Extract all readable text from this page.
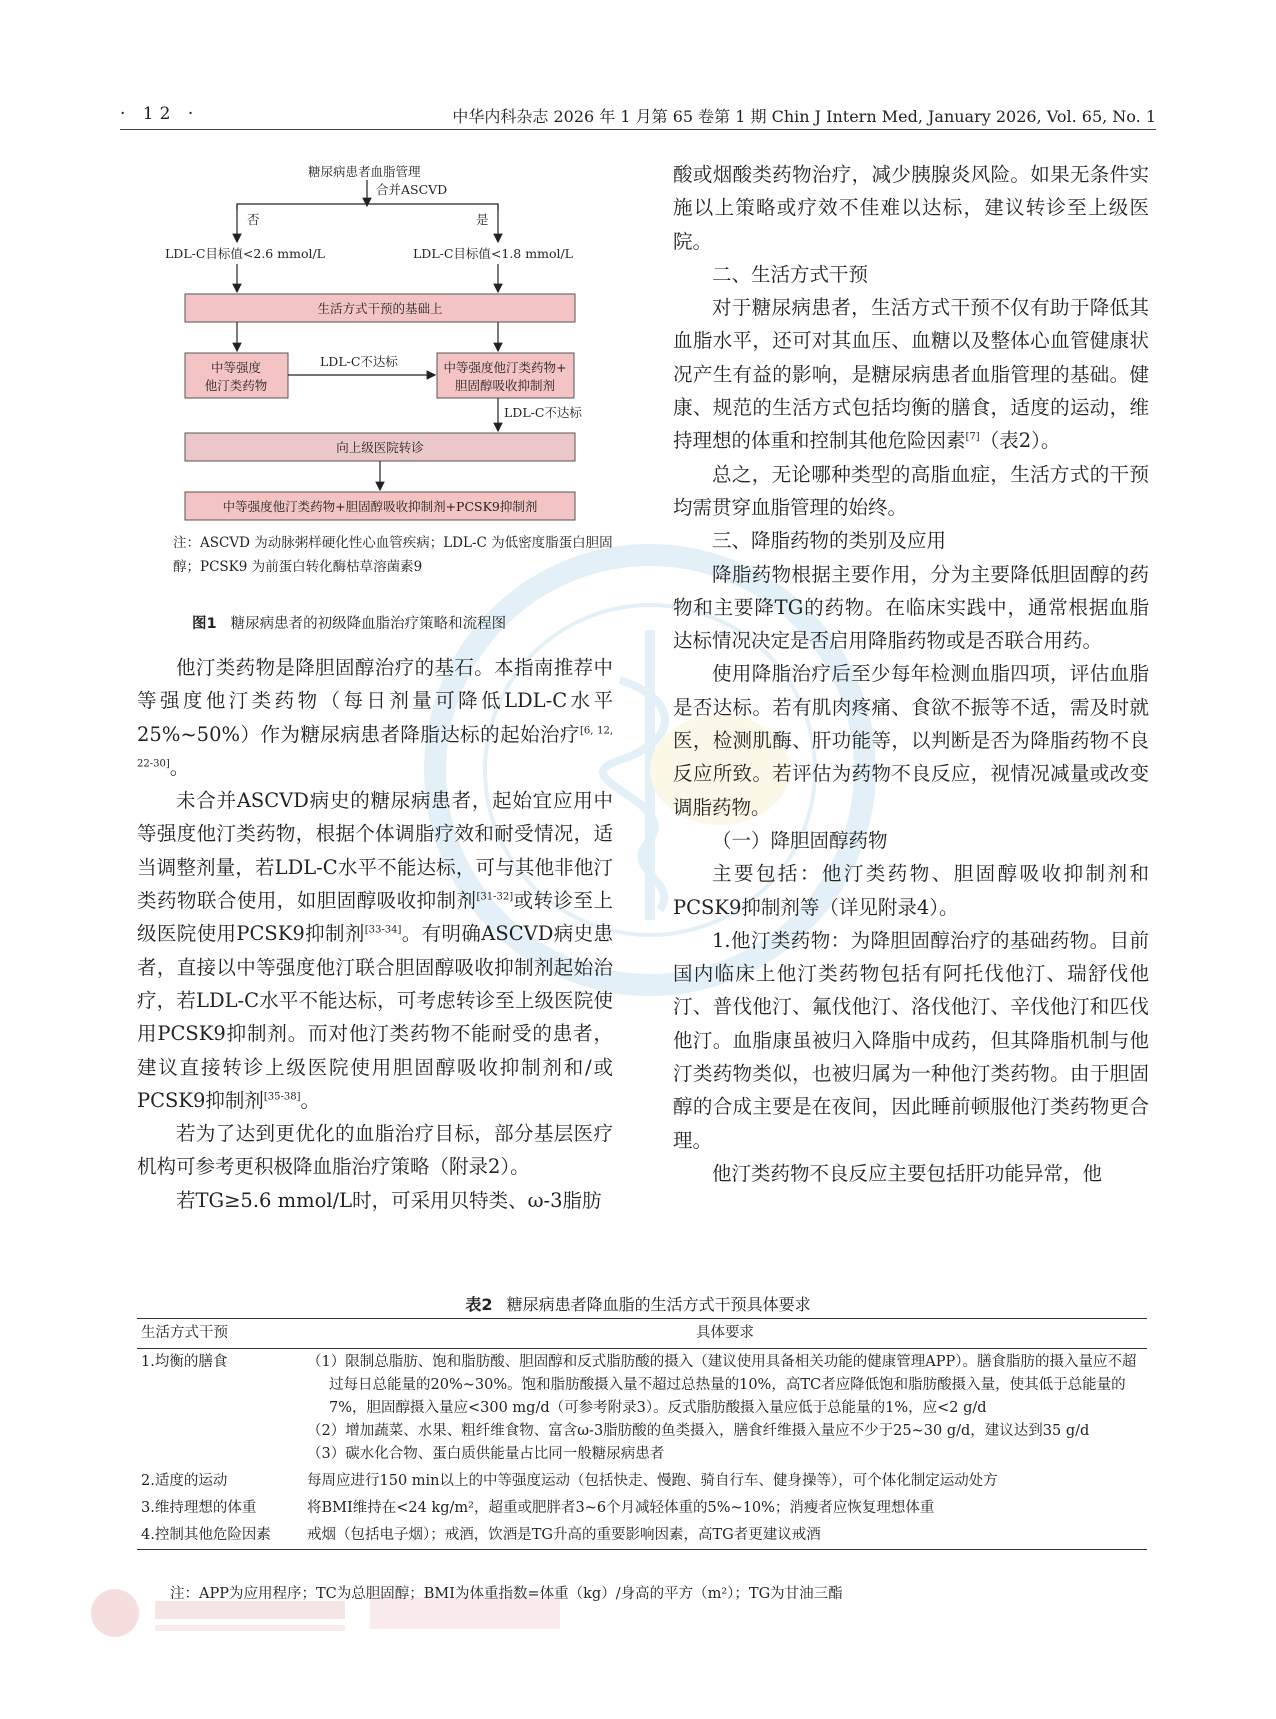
· 12 ·	中华内科杂志 2026 年 1 月第 65 卷第 1 期 Chin J Intern Med, January 2026, Vol. 65, No. 1
糖尿病患者血脂管理
合并ASCVD
否	是
LDL-C目标值<2.6 mmol/L	LDL-C目标值<1.8 mmol/L
生活方式干预的基础上
中等强度
他汀类药物
LDL-C不达标	中等强度他汀类药物+
胆固醇吸收抑制剂
LDL-C不达标
向上级医院转诊
中等强度他汀类药物+胆固醇吸收抑制剂+PCSK9抑制剂
注：ASCVD 为动脉粥样硬化性心血管疾病；LDL-C 为低密度脂蛋白胆固醇；PCSK9 为前蛋白转化酶枯草溶菌素9
图1 糖尿病患者的初级降血脂治疗策略和流程图

他汀类药物是降胆固醇治疗的基石。本指南推荐中等强度他汀类药物（每日剂量可降低LDL-C水平25%~50%）作为糖尿病患者降脂达标的起始治疗[6, 12, 22-30]。

未合并ASCVD病史的糖尿病患者，起始宜应用中等强度他汀类药物，根据个体调脂疗效和耐受情况，适当调整剂量，若LDL-C水平不能达标，可与其他非他汀类药物联合使用，如胆固醇吸收抑制剂[31-32]或转诊至上级医院使用PCSK9抑制剂[33-34]。有明确ASCVD病史患者，直接以中等强度他汀联合胆固醇吸收抑制剂起始治疗，若LDL-C水平不能达标，可考虑转诊至上级医院使用PCSK9抑制剂。而对他汀类药物不能耐受的患者，建议直接转诊上级医院使用胆固醇吸收抑制剂和/或PCSK9抑制剂[35-38]。

若为了达到更优化的血脂治疗目标，部分基层医疗机构可参考更积极降血脂治疗策略（附录2）。

若TG≥5.6 mmol/L时，可采用贝特类、ω-3脂肪

酸或烟酸类药物治疗，减少胰腺炎风险。如果无条件实施以上策略或疗效不佳难以达标，建议转诊至上级医院。

二、生活方式干预

对于糖尿病患者，生活方式干预不仅有助于降低其血脂水平，还可对其血压、血糖以及整体心血管健康状况产生有益的影响，是糖尿病患者血脂管理的基础。健康、规范的生活方式包括均衡的膳食，适度的运动，维持理想的体重和控制其他危险因素[7]（表2）。

总之，无论哪种类型的高脂血症，生活方式的干预均需贯穿血脂管理的始终。

三、降脂药物的类别及应用

降脂药物根据主要作用，分为主要降低胆固醇的药物和主要降TG的药物。在临床实践中，通常根据血脂达标情况决定是否启用降脂药物或是否联合用药。

使用降脂治疗后至少每年检测血脂四项，评估血脂是否达标。若有肌肉疼痛、食欲不振等不适，需及时就医，检测肌酶、肝功能等，以判断是否为降脂药物不良反应所致。若评估为药物不良反应，视情况减量或改变调脂药物。

（一）降胆固醇药物

主要包括：他汀类药物、胆固醇吸收抑制剂和PCSK9抑制剂等（详见附录4）。

1.他汀类药物：为降胆固醇治疗的基础药物。目前国内临床上他汀类药物包括有阿托伐他汀、瑞舒伐他汀、普伐他汀、氟伐他汀、洛伐他汀、辛伐他汀和匹伐他汀。血脂康虽被归入降脂中成药，但其降脂机制与他汀类药物类似，也被归属为一种他汀类药物。由于胆固醇的合成主要是在夜间，因此睡前顿服他汀类药物更合理。

他汀类药物不良反应主要包括肝功能异常，他

表2 糖尿病患者降血脂的生活方式干预具体要求
生活方式干预	具体要求
1.均衡的膳食	（1）限制总脂肪、饱和脂肪酸、胆固醇和反式脂肪酸的摄入（建议使用具备相关功能的健康管理APP）。膳食脂肪的摄入量应不超过每日总能量的20%~30%。饱和脂肪酸摄入量不超过总热量的10%，高TC者应降低饱和脂肪酸摄入量，使其低于总能量的7%，胆固醇摄入量应<300 mg/d（可参考附录3）。反式脂肪酸摄入量应低于总能量的1%，应<2 g/d

（2）增加蔬菜、水果、粗纤维食物、富含ω-3脂肪酸的鱼类摄入，膳食纤维摄入量应不少于25~30 g/d，建议达到35 g/d

（3）碳水化合物、蛋白质供能量占比同一般糖尿病患者

2.适度的运动	每周应进行150 min以上的中等强度运动（包括快走、慢跑、骑自行车、健身操等），可个体化制定运动处方
3.维持理想的体重	将BMI维持在<24 kg/m²，超重或肥胖者3~6个月减轻体重的5%~10%；消瘦者应恢复理想体重
4.控制其他危险因素	戒烟（包括电子烟）；戒酒，饮酒是TG升高的重要影响因素，高TG者更建议戒酒
注：APP为应用程序；TC为总胆固醇；BMI为体重指数=体重（kg）/身高的平方（m²）；TG为甘油三酯
